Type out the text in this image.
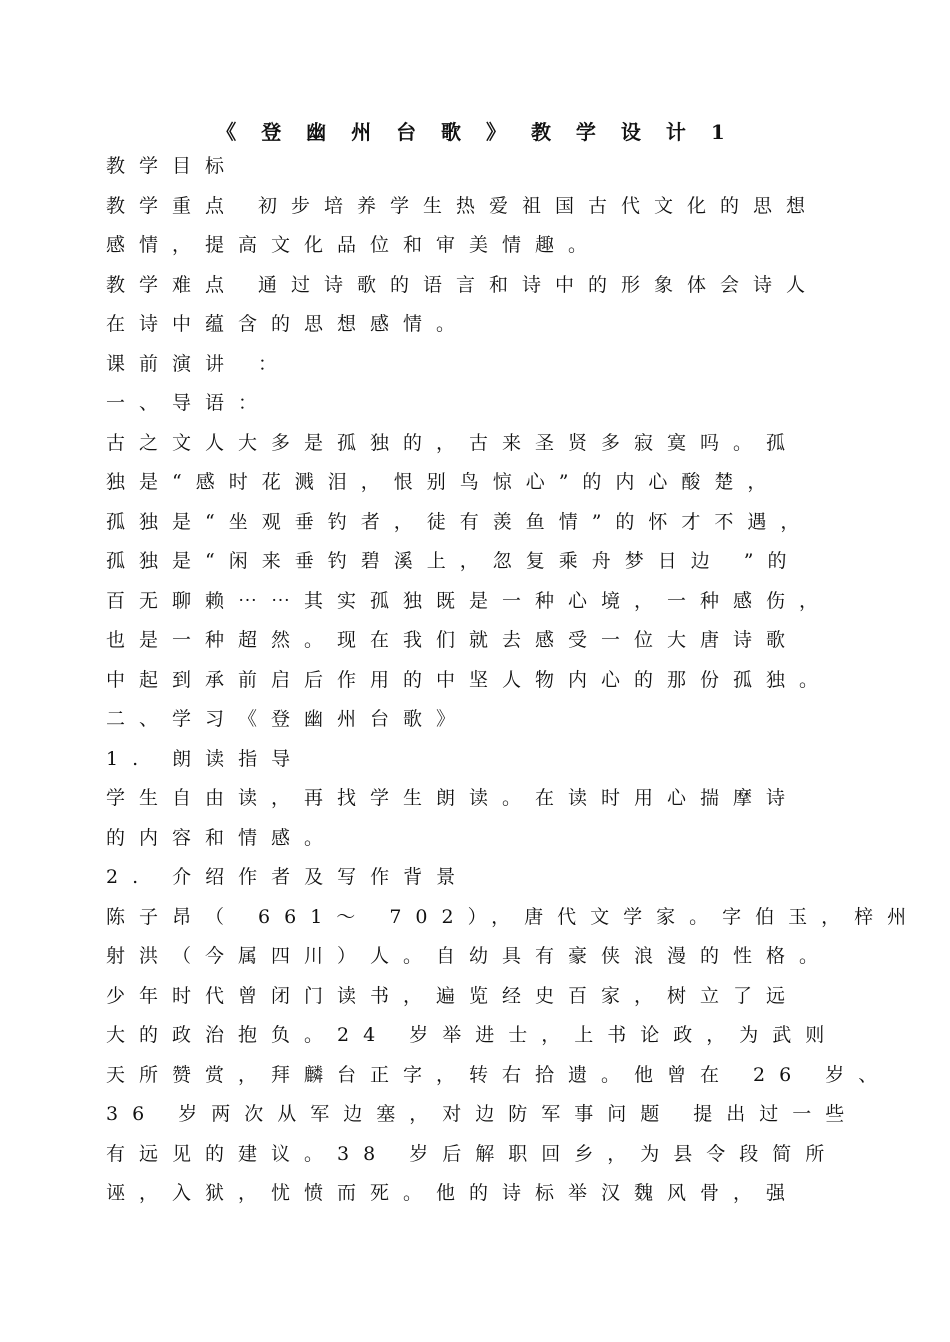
《 登 幽 州 台 歌 》 教 学 设 计 1
教学目标
教学重点 初步培养学生热爱祖国古代文化的思想
感情，提高文化品位和审美情趣。
教学难点 通过诗歌的语言和诗中的形象体会诗人
在诗中蕴含的思想感情。
课前演讲 ：
一、导语：
古之文人大多是孤独的，古来圣贤多寂寞吗。孤
独是“感时花溅泪，恨别鸟惊心”的内心酸楚，
孤独是“坐观垂钓者，徒有羡鱼情”的怀才不遇，
孤独是“闲来垂钓碧溪上，忽复乘舟梦日边 ”的
百无聊赖⋯⋯其实孤独既是一种心境，一种感伤，
也是一种超然。现在我们就去感受一位大唐诗歌
中起到承前启后作用的中坚人物内心的那份孤独。
二、学习《登幽州台歌》
1. 朗读指导
学生自由读，再找学生朗读。在读时用心揣摩诗
的内容和情感。
2. 介绍作者及写作背景
陈子昂（ 661～ 702），唐代文学家。字伯玉，梓州
射洪（今属四川）人。自幼具有豪侠浪漫的性格。
少年时代曾闭门读书，遍览经史百家，树立了远
大的政治抱负。24 岁举进士，上书论政，为武则
天所赞赏，拜麟台正字，转右拾遗。他曾在 26 岁、
36 岁两次从军边塞，对边防军事问题 提出过一些
有远见的建议。38 岁后解职回乡，为县令段简所
诬，入狱，忧愤而死。他的诗标举汉魏风骨，强
